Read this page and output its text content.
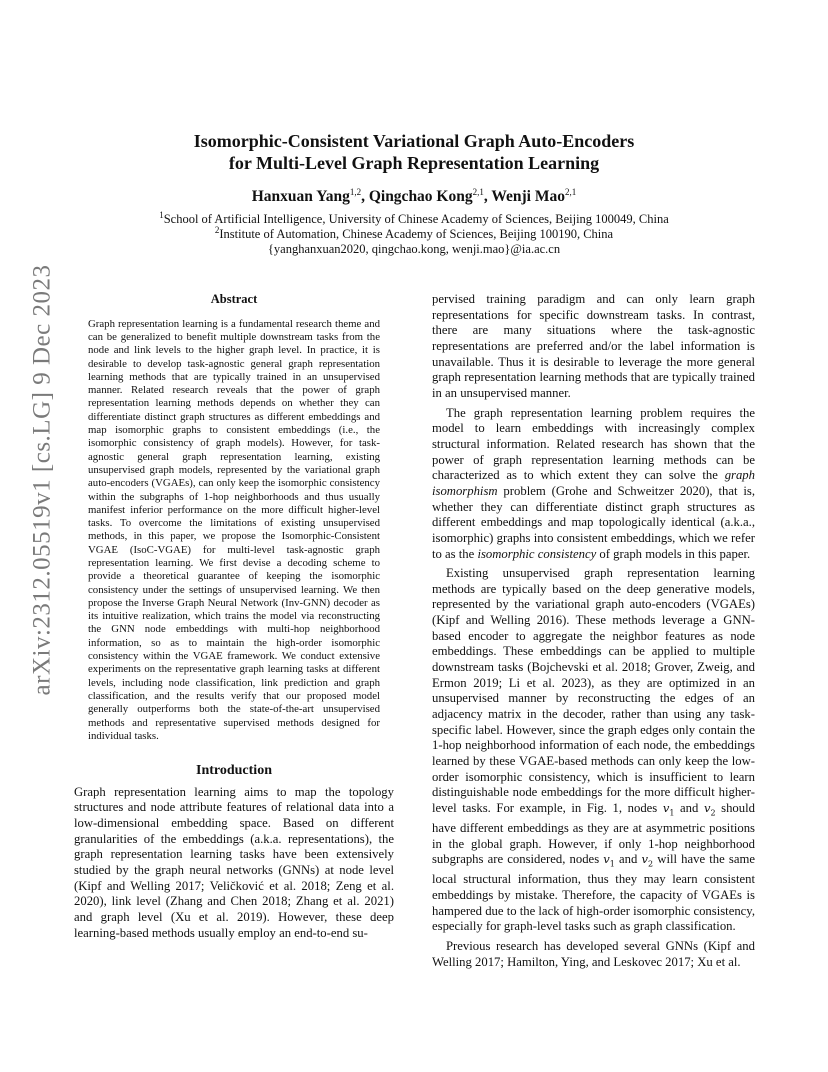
arXiv:2312.05519v1 [cs.LG] 9 Dec 2023
Isomorphic-Consistent Variational Graph Auto-Encoders
for Multi-Level Graph Representation Learning
Hanxuan Yang$^{1,2}$, Qingchao Kong$^{2,1}$, Wenji Mao$^{2,1}$
$^1$School of Artificial Intelligence, University of Chinese Academy of Sciences, Beijing 100049, China
$^2$Institute of Automation, Chinese Academy of Sciences, Beijing 100190, China
{yanghanxuan2020, qingchao.kong, wenji.mao}@ia.ac.cn
Abstract
Graph representation learning is a fundamental research theme and can be generalized to benefit multiple downstream tasks from the node and link levels to the higher graph level. In practice, it is desirable to develop task-agnostic general graph representation learning methods that are typically trained in an unsupervised manner. Related research reveals that the power of graph representation learning methods depends on whether they can differentiate distinct graph structures as different embeddings and map isomorphic graphs to consistent embeddings (i.e., the isomorphic consistency of graph models). However, for task-agnostic general graph representation learning, existing unsupervised graph models, represented by the variational graph auto-encoders (VGAEs), can only keep the isomorphic consistency within the subgraphs of 1-hop neighborhoods and thus usually manifest inferior performance on the more difficult higher-level tasks. To overcome the limitations of existing unsupervised methods, in this paper, we propose the Isomorphic-Consistent VGAE (IsoC-VGAE) for multi-level task-agnostic graph representation learning. We first devise a decoding scheme to provide a theoretical guarantee of keeping the isomorphic consistency under the settings of unsupervised learning. We then propose the Inverse Graph Neural Network (Inv-GNN) decoder as its intuitive realization, which trains the model via reconstructing the GNN node embeddings with multi-hop neighborhood information, so as to maintain the high-order isomorphic consistency within the VGAE framework. We conduct extensive experiments on the representative graph learning tasks at different levels, including node classification, link prediction and graph classification, and the results verify that our proposed model generally outperforms both the state-of-the-art unsupervised methods and representative supervised methods designed for individual tasks.
Introduction
Graph representation learning aims to map the topology structures and node attribute features of relational data into a low-dimensional embedding space. Based on different granularities of the embeddings (a.k.a. representations), the graph representation learning tasks have been extensively studied by the graph neural networks (GNNs) at node level (Kipf and Welling 2017; Veličković et al. 2018; Zeng et al. 2020), link level (Zhang and Chen 2018; Zhang et al. 2021) and graph level (Xu et al. 2019). However, these deep learning-based methods usually employ an end-to-end su-
pervised training paradigm and can only learn graph representations for specific downstream tasks. In contrast, there are many situations where the task-agnostic representations are preferred and/or the label information is unavailable. Thus it is desirable to leverage the more general graph representation learning methods that are typically trained in an unsupervised manner.
The graph representation learning problem requires the model to learn embeddings with increasingly complex structural information. Related research has shown that the power of graph representation learning methods can be characterized as to which extent they can solve the graph isomorphism problem (Grohe and Schweitzer 2020), that is, whether they can differentiate distinct graph structures as different embeddings and map topologically identical (a.k.a., isomorphic) graphs into consistent embeddings, which we refer to as the isomorphic consistency of graph models in this paper.
Existing unsupervised graph representation learning methods are typically based on the deep generative models, represented by the variational graph auto-encoders (VGAEs) (Kipf and Welling 2016). These methods leverage a GNN-based encoder to aggregate the neighbor features as node embeddings. These embeddings can be applied to multiple downstream tasks (Bojchevski et al. 2018; Grover, Zweig, and Ermon 2019; Li et al. 2023), as they are optimized in an unsupervised manner by reconstructing the edges of an adjacency matrix in the decoder, rather than using any task-specific label. However, since the graph edges only contain the 1-hop neighborhood information of each node, the embeddings learned by these VGAE-based methods can only keep the low-order isomorphic consistency, which is insufficient to learn distinguishable node embeddings for the more difficult higher-level tasks. For example, in Fig. 1, nodes $v_1$ and $v_2$ should have different embeddings as they are at asymmetric positions in the global graph. However, if only 1-hop neighborhood subgraphs are considered, nodes $v_1$ and $v_2$ will have the same local structural information, thus they may learn consistent embeddings by mistake. Therefore, the capacity of VGAEs is hampered due to the lack of high-order isomorphic consistency, especially for graph-level tasks such as graph classification.
Previous research has developed several GNNs (Kipf and Welling 2017; Hamilton, Ying, and Leskovec 2017; Xu et al.
